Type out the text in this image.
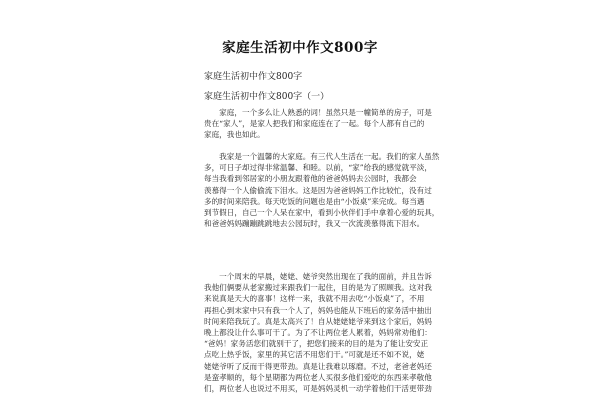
家庭生活初中作文800字
家庭生活初中作文800字
家庭生活初中作文800字（一）
　　家庭，一个多么让人熟悉的词！虽然只是一幢简单的房子，可是
贵在“家人”，是家人把我们和家庭连在了一起。每个人都有自己的
家庭，我也如此。
　　我家是一个温馨的大家庭。有三代人生活在一起。我们的家人虽然
多，可日子却过得非常温馨、和睦。以前，“家”给我的感觉就平淡，
每当我看到邻居家的小朋友跟着他的爸爸妈妈去公园时，我都会
羡慕得一个人偷偷流下泪水。这是因为爸爸妈妈工作比较忙，没有过
多的时间来陪我。每天吃饭的问题也是由“小饭桌”来完成。每当遇
到节假日，自己一个人呆在家中，看到小伙伴们手中拿着心爱的玩具，
和爸爸妈妈蹦蹦跳跳地去公园玩时，我又一次流羡慕得流下泪水。
　　一个周末的早晨，姥姥、姥爷突然出现在了我的面前，并且告诉
我他们俩要从老家搬过来跟我们一起住，目的是为了照顾我。这对我
来说真是天大的喜事！这样一来，我就不用去吃“小饭桌”了，不用
再担心到末家中只有我一个人了，妈妈也能从下班后的家务活中抽出
时间来陪我玩了。真是太高兴了！自从姥姥姥爷来到这个家后，妈妈
晚上都没让什么事可干了。为了不让两位老人累着，妈妈常劝他们：
“爸妈！家务活您们就别干了，把您们接来的目的是为了能让安安正
点吃上热乎饭，家里的其它活不用您们干。”可就是还不如不说，姥
姥姥爷听了反而干得更带劲。真是让我难以琢磨。不过，老爸老妈还
是蛮孝顺的，每个星期都为两位老人买很多他们爱吃的东西来孝敬他
们，两位老人也说过不用买，可是妈妈灵机一动学着他们干活更带劲
